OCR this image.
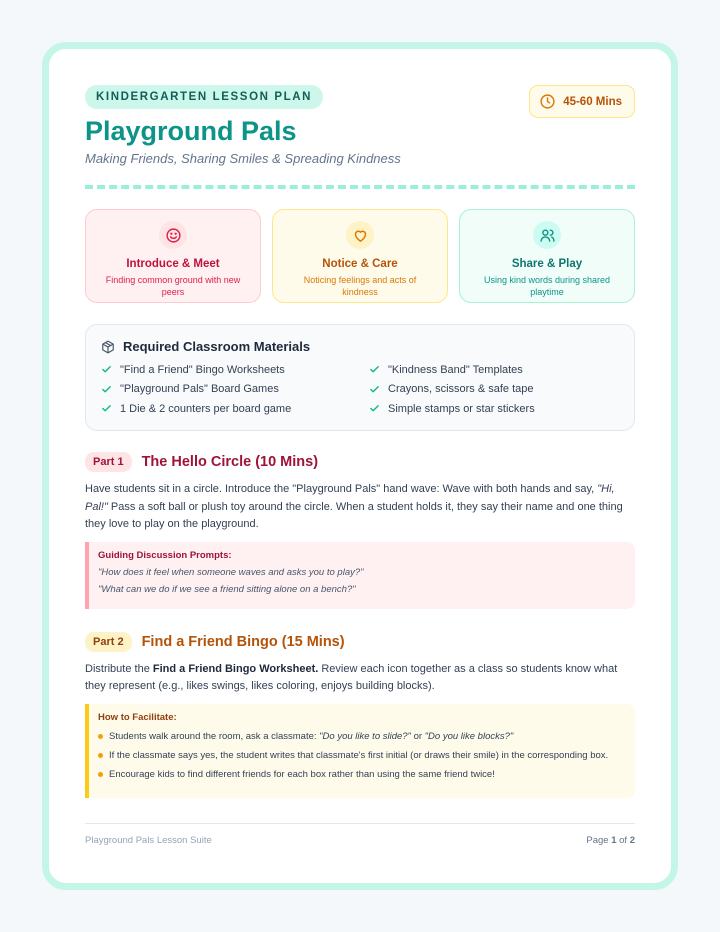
KINDERGARTEN LESSON PLAN	45-60 Mins
Playground Pals

Making Friends, Sharing Smiles & Spreading Kindness

Introduce & Meet
Finding common ground with new peers
Notice & Care
Noticing feelings and acts of kindness
Share & Play
Using kind words during shared playtime
Required Classroom Materials
"Find a Friend" Bingo Worksheets	"Kindness Band" Templates
"Playground Pals" Board Games	Crayons, scissors & safe tape
1 Die & 2 counters per board game	Simple stamps or star stickers
Part 1	The Hello Circle (10 Mins)

Have students sit in a circle. Introduce the "Playground Pals" hand wave: Wave with both hands and say, "Hi, Pal!" Pass a soft ball or plush toy around the circle. When a student holds it, they say their name and one thing they love to play on the playground.

Guiding Discussion Prompts:
"How does it feel when someone waves and asks you to play?"
"What can we do if we see a friend sitting alone on a bench?"
Part 2	Find a Friend Bingo (15 Mins)

Distribute the Find a Friend Bingo Worksheet. Review each icon together as a class so students know what they represent (e.g., likes swings, likes coloring, enjoys building blocks).

How to Facilitate:
Students walk around the room, ask a classmate: "Do you like to slide?" or "Do you like blocks?"
If the classmate says yes, the student writes that classmate's first initial (or draws their smile) in the corresponding box.
Encourage kids to find different friends for each box rather than using the same friend twice!
Playground Pals Lesson Suite	Page 1 of 2
